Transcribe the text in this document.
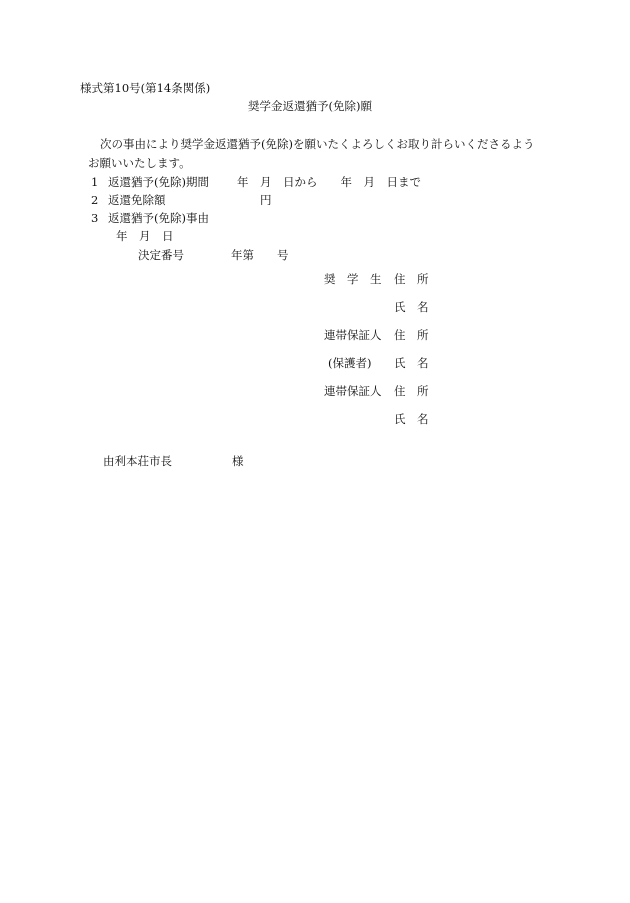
様式第10号(第14条関係)
奨学金返還猶予(免除)願
次の事由により奨学金返還猶予(免除)を願いたくよろしくお取り計らいくださるよう
お願いいたします。
1 返還猶予(免除)期間 年　月　日から　　年　月　日まで
2 返還免除額	円
3 返還猶予(免除)事由
年　月　日
決定番号	年第　　号
奨　学　生 住　所
氏　名
連帯保証人 住　所
(保護者) 氏　名
連帯保証人 住　所
氏　名
由利本荘市長	様
